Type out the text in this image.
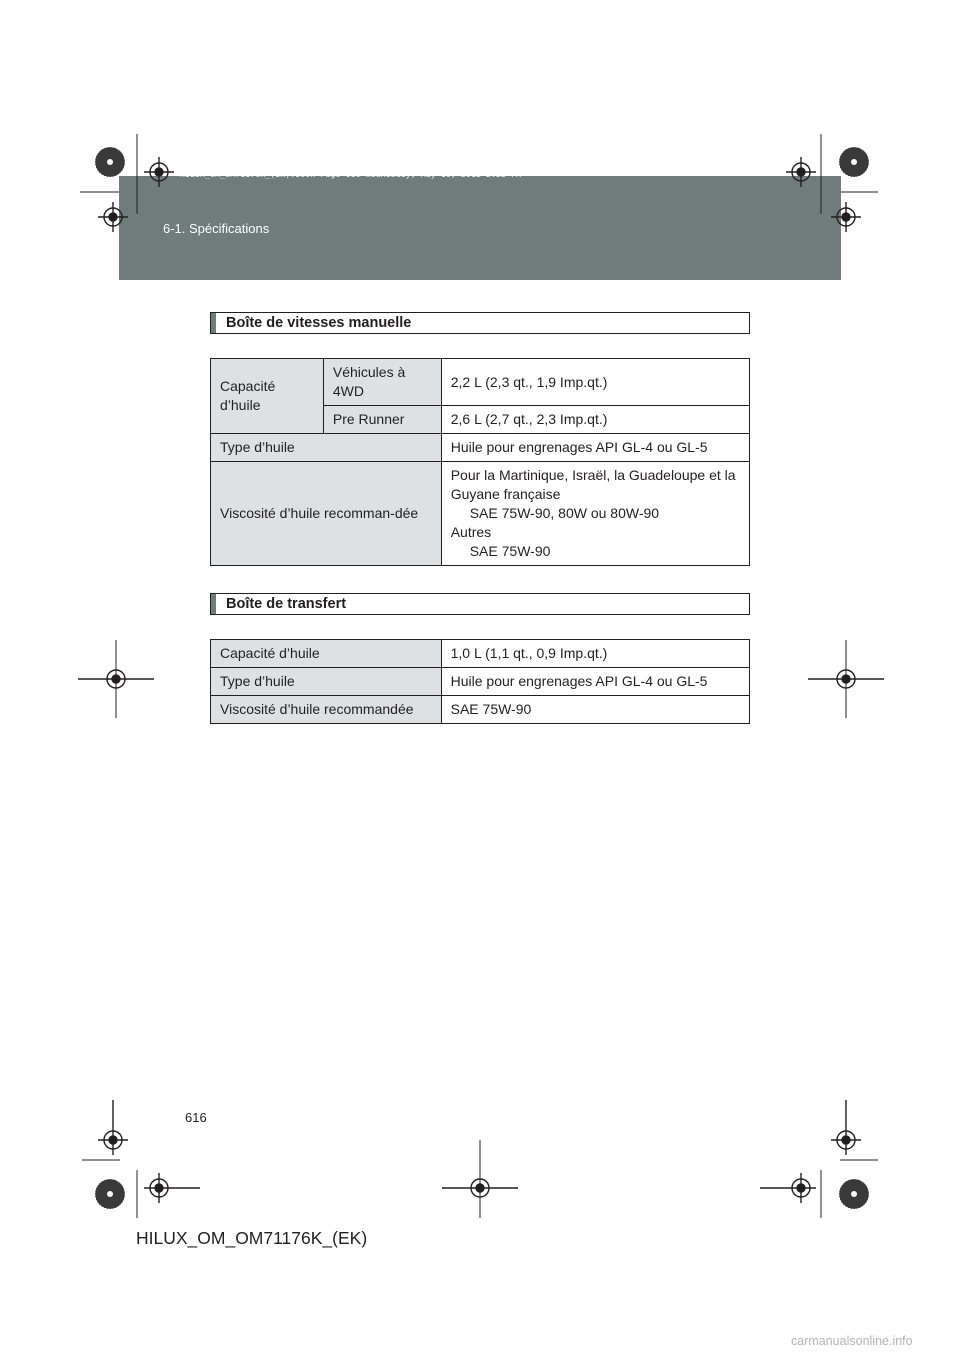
6-1. Spécifications
HILUX_OM_OM71176K_(EK).book Page 616 Wednesday, May 16, 2012 2:32 PM
Boîte de vitesses manuelle
Capacité d’huile	Véhicules à 4WD	2,2 L (2,3 qt., 1,9 Imp.qt.)
	Pre Runner	2,6 L (2,7 qt., 2,3 Imp.qt.)
Type d’huile		Huile pour engrenages API GL-4 ou GL-5
Viscosité d’huile recomman-dée		Pour la Martinique, Israël, la Guadeloupe et la Guyane française
SAE 75W-90, 80W ou 80W-90
Autres
SAE 75W-90
Boîte de transfert
Capacité d’huile	1,0 L (1,1 qt., 0,9 Imp.qt.)
Type d’huile	Huile pour engrenages API GL-4 ou GL-5
Viscosité d’huile recommandée	SAE 75W-90
616
HILUX_OM_OM71176K_(EK)
carmanualsonline.info
